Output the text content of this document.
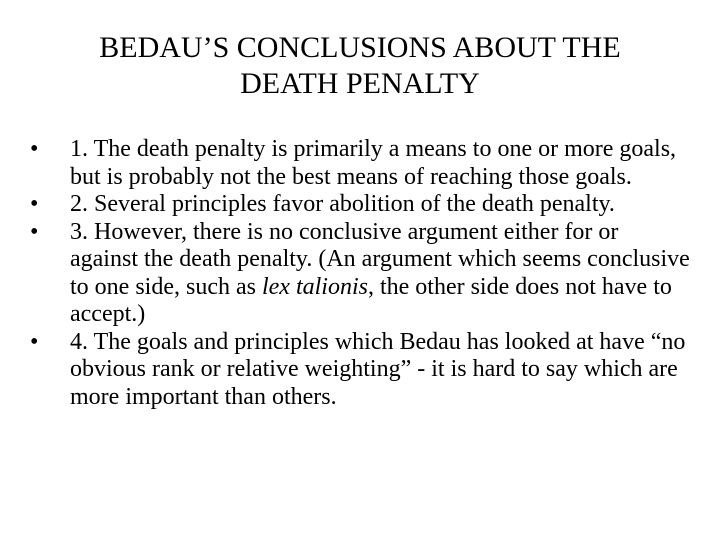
BEDAU’S CONCLUSIONS ABOUT THE
DEATH PENALTY
•	1. The death penalty is primarily a means to one or more goals, but is probably not the best means of reaching those goals.
•	2. Several principles favor abolition of the death penalty.
•	3. However, there is no conclusive argument either for or against the death penalty. (An argument which seems conclusive to one side, such as lex talionis, the other side does not have to accept.)
•	4. The goals and principles which Bedau has looked at have “no obvious rank or relative weighting” - it is hard to say which are more important than others.
